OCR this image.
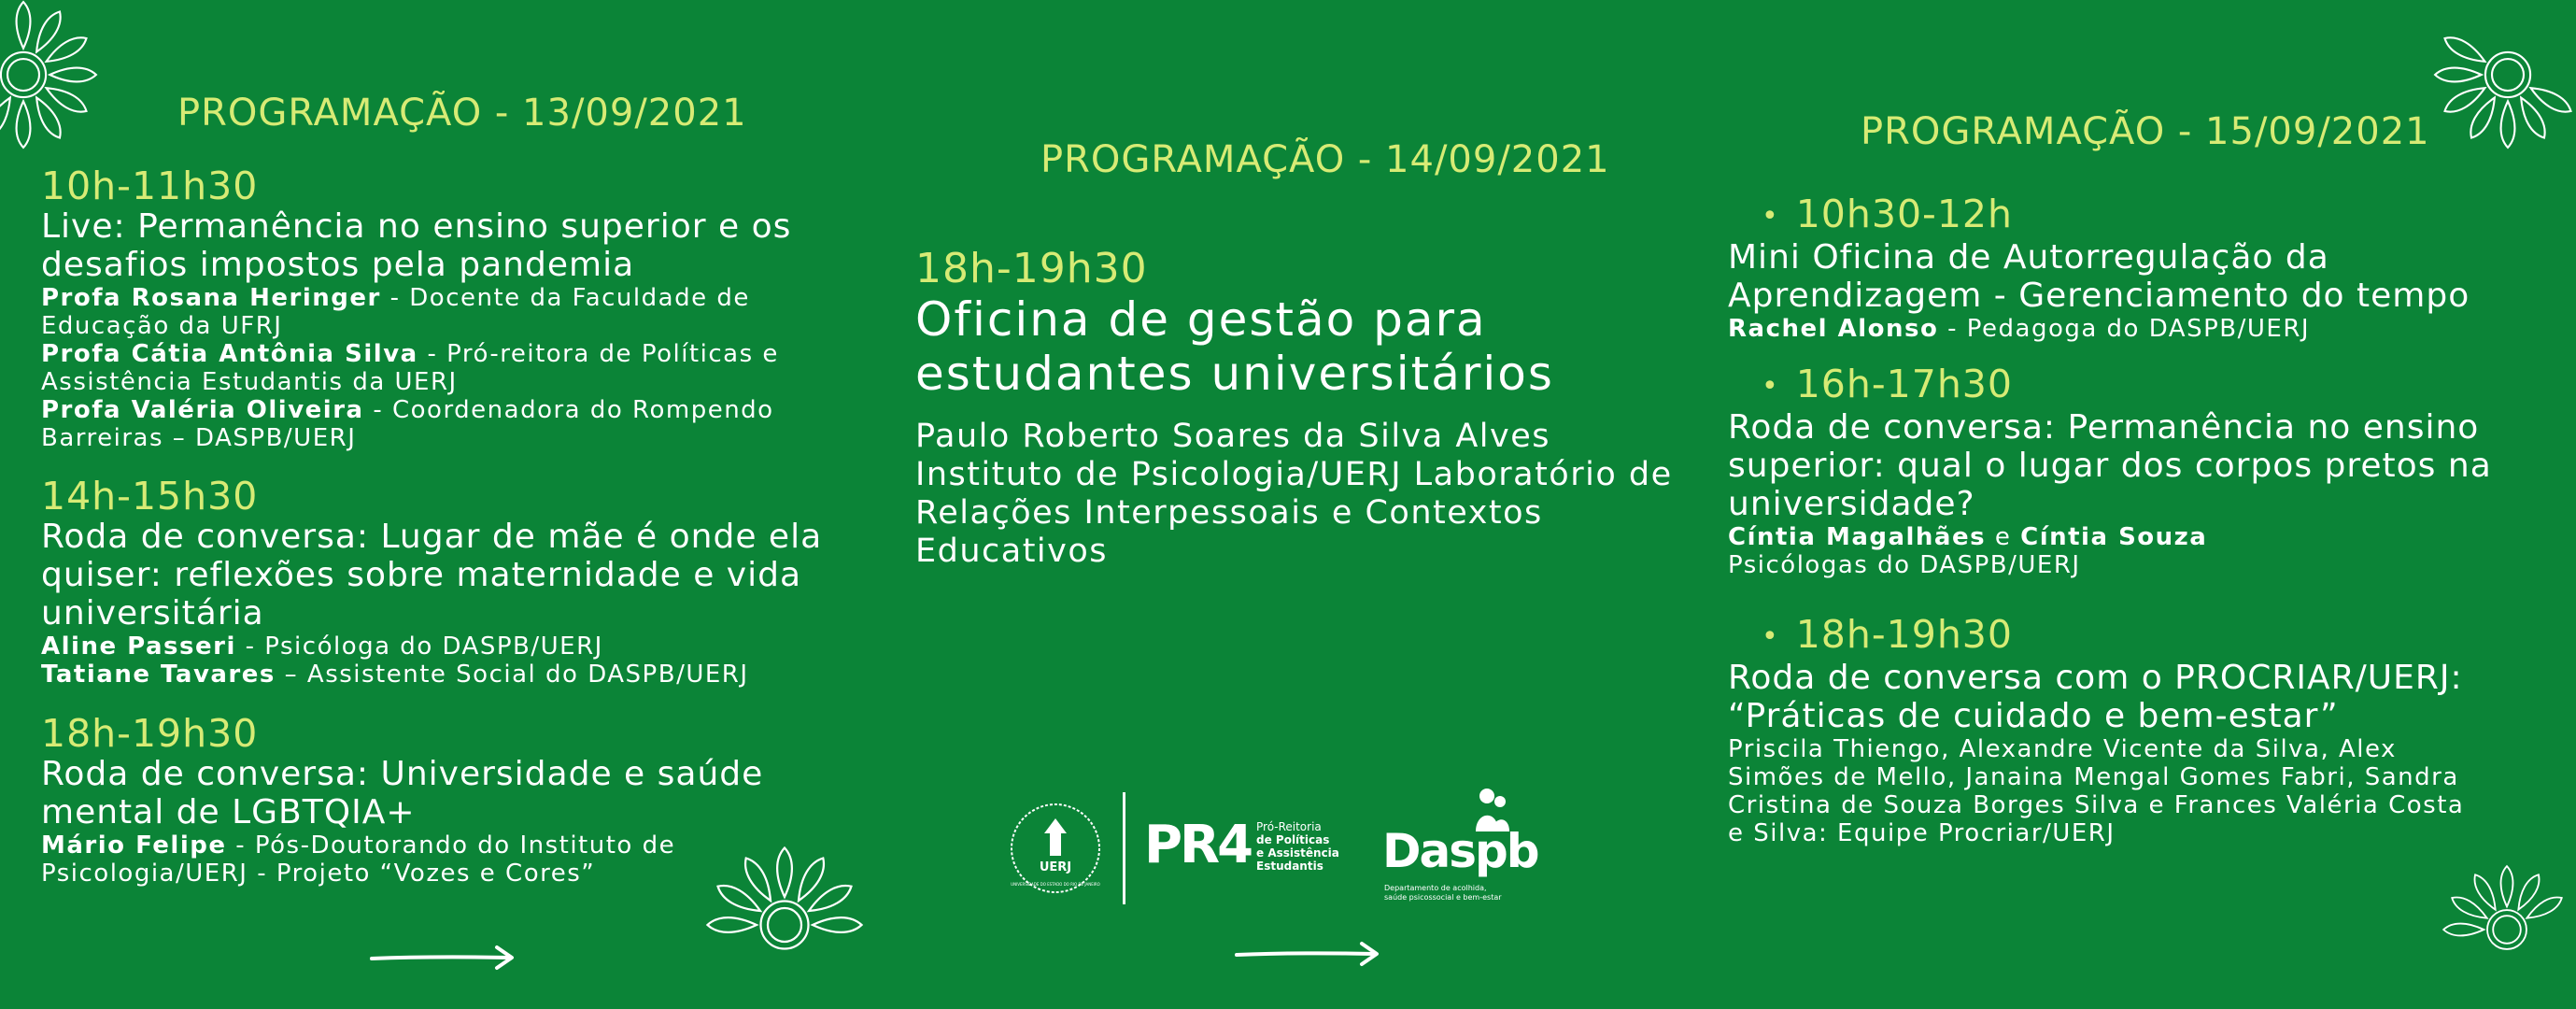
PROGRAMAÇÃO - 13/09/2021
10h-11h30
Live: Permanência no ensino superior e os desafios impostos pela pandemia
Profa Rosana Heringer - Docente da Faculdade de Educação da UFRJ
Profa Cátia Antônia Silva - Pró-reitora de Políticas e Assistência Estudantis da UERJ
Profa Valéria Oliveira - Coordenadora do Rompendo Barreiras – DASPB/UERJ
14h-15h30
Roda de conversa: Lugar de mãe é onde ela quiser: reflexões sobre maternidade e vida universitária
Aline Passeri - Psicóloga do DASPB/UERJ
Tatiane Tavares – Assistente Social do DASPB/UERJ
18h-19h30
Roda de conversa: Universidade e saúde mental de LGBTQIA+
Mário Felipe - Pós-Doutorando do Instituto de Psicologia/UERJ - Projeto “Vozes e Cores”
PROGRAMAÇÃO - 14/09/2021
18h-19h30
Oficina de gestão para estudantes universitários
Paulo Roberto Soares da Silva Alves
Instituto de Psicologia/UERJ Laboratório de Relações Interpessoais e Contextos Educativos
UERJ
UNIVERSIDADE DO ESTADO DO RIO DE JANEIRO
PR4 Pró-Reitoria
de Políticas
e Assistência
Estudantis	Daspb
Departamento de acolhida,
saúde psicossocial e bem-estar
PROGRAMAÇÃO - 15/09/2021
• 10h30-12h
Mini Oficina de Autorregulação da Aprendizagem - Gerenciamento do tempo
Rachel Alonso - Pedagoga do DASPB/UERJ
• 16h-17h30
Roda de conversa: Permanência no ensino superior: qual o lugar dos corpos pretos na universidade?
Cíntia Magalhães e Cíntia Souza
Psicólogas do DASPB/UERJ
• 18h-19h30
Roda de conversa com o PROCRIAR/UERJ: “Práticas de cuidado e bem-estar”
Priscila Thiengo, Alexandre Vicente da Silva, Alex Simões de Mello, Janaina Mengal Gomes Fabri, Sandra Cristina de Souza Borges Silva e Frances Valéria Costa e Silva: Equipe Procriar/UERJ
